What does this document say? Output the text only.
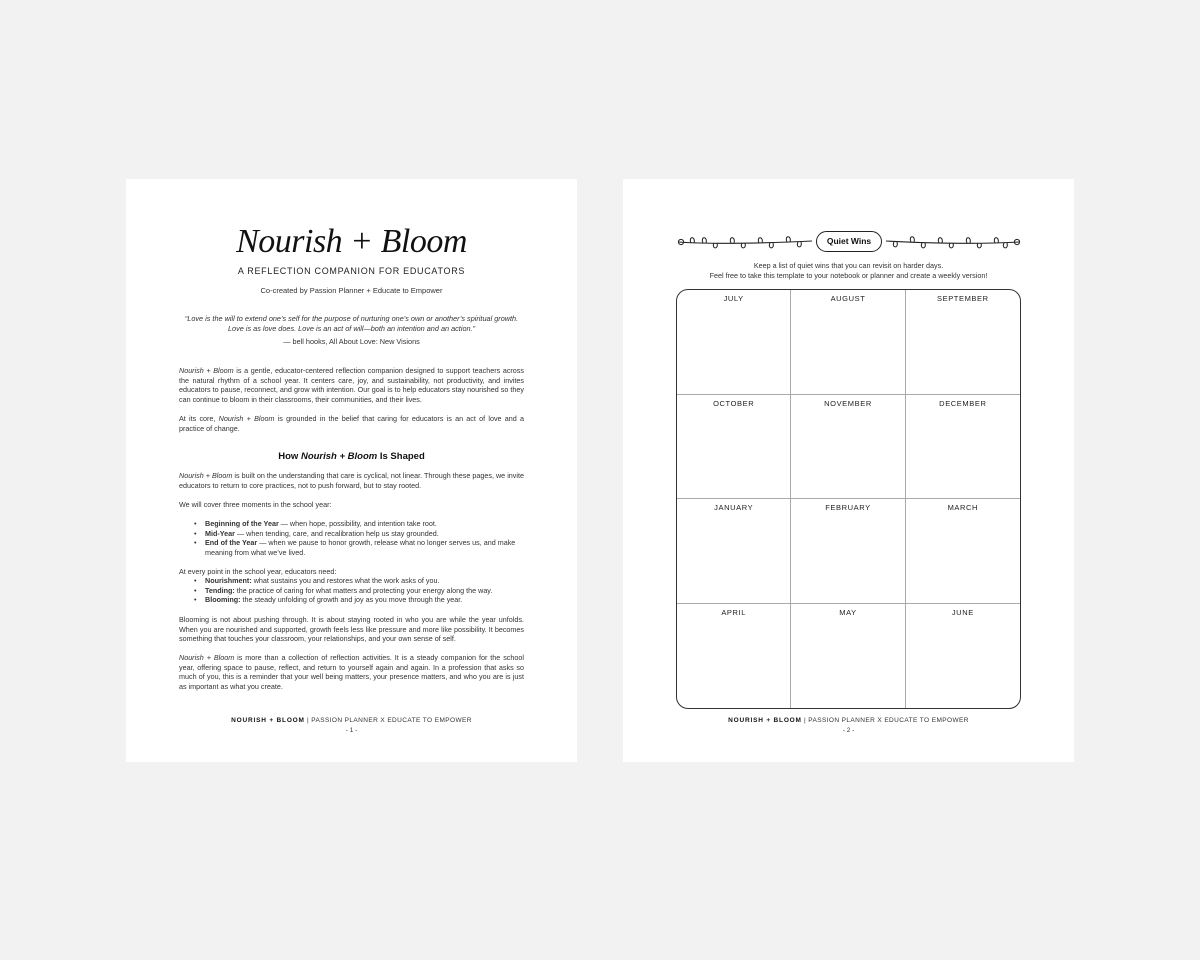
Nourish + Bloom
A REFLECTION COMPANION FOR EDUCATORS
Co-created by Passion Planner + Educate to Empower
“Love is the will to extend one’s self for the purpose of nurturing one’s own or another’s spiritual growth. Love is as love does. Love is an act of will—both an intention and an action.”
— bell hooks, All About Love: New Visions
Nourish + Bloom is a gentle, educator-centered reflection companion designed to support teachers across the natural rhythm of a school year. It centers care, joy, and sustainability, not productivity, and invites educators to pause, reconnect, and grow with intention. Our goal is to help educators stay nourished so they can continue to bloom in their classrooms, their communities, and their lives.
At its core, Nourish + Bloom is grounded in the belief that caring for educators is an act of love and a practice of change.
How Nourish + Bloom Is Shaped
Nourish + Bloom is built on the understanding that care is cyclical, not linear. Through these pages, we invite educators to return to core practices, not to push forward, but to stay rooted.
We will cover three moments in the school year:
• Beginning of the Year — when hope, possibility, and intention take root.
• Mid-Year — when tending, care, and recalibration help us stay grounded.
• End of the Year — when we pause to honor growth, release what no longer serves us, and make meaning from what we’ve lived.
At every point in the school year, educators need:
• Nourishment: what sustains you and restores what the work asks of you.
• Tending: the practice of caring for what matters and protecting your energy along the way.
• Blooming: the steady unfolding of growth and joy as you move through the year.
Blooming is not about pushing through. It is about staying rooted in who you are while the year unfolds. When you are nourished and supported, growth feels less like pressure and more like possibility. It becomes something that touches your classroom, your relationships, and your own sense of self.
Nourish + Bloom is more than a collection of reflection activities. It is a steady companion for the school year, offering space to pause, reflect, and return to yourself again and again. In a profession that asks so much of you, this is a reminder that your well being matters, your presence matters, and who you are is just as important as what you create.
NOURISH + BLOOM | PASSION PLANNER X EDUCATE TO EMPOWER
- 1 -
Quiet Wins
Keep a list of quiet wins that you can revisit on harder days.
Feel free to take this template to your notebook or planner and create a weekly version!
JULY	AUGUST	SEPTEMBER
OCTOBER	NOVEMBER	DECEMBER
JANUARY	FEBRUARY	MARCH
APRIL	MAY	JUNE
NOURISH + BLOOM | PASSION PLANNER X EDUCATE TO EMPOWER
- 2 -
